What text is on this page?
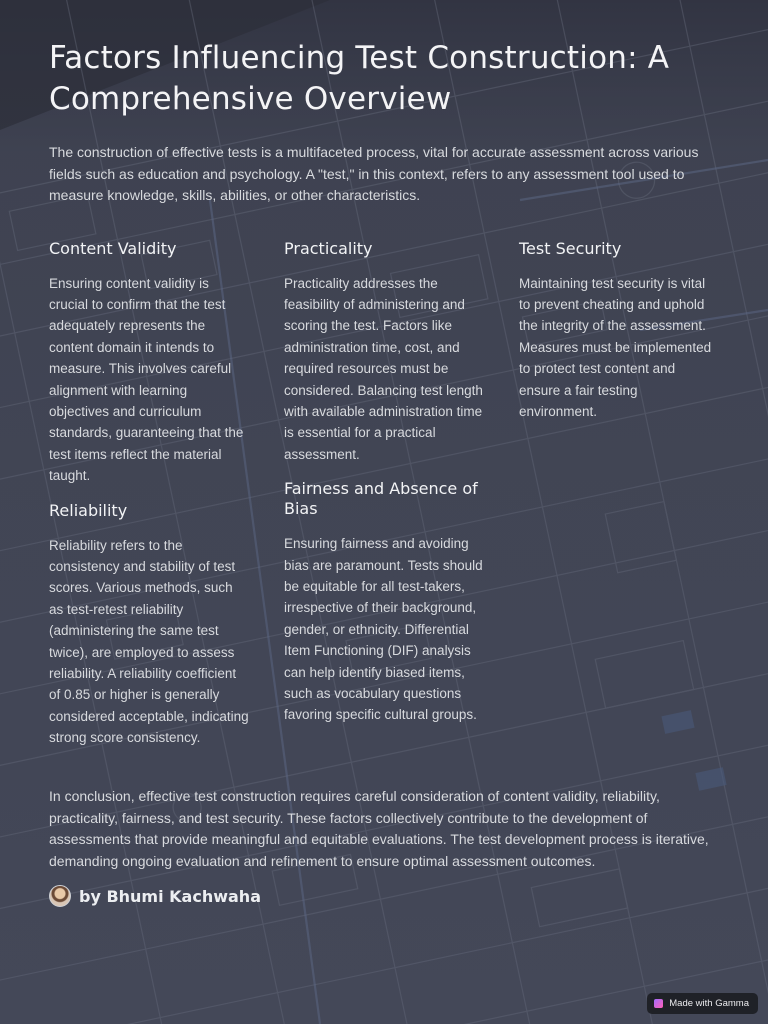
Factors Influencing Test Construction: A Comprehensive Overview

The construction of effective tests is a multifaceted process, vital for accurate assessment across various fields such as education and psychology. A "test," in this context, refers to any assessment tool used to measure knowledge, skills, abilities, or other characteristics.

Content Validity

Ensuring content validity is crucial to confirm that the test adequately represents the content domain it intends to measure. This involves careful alignment with learning objectives and curriculum standards, guaranteeing that the test items reflect the material taught.

Reliability

Reliability refers to the consistency and stability of test scores. Various methods, such as test-retest reliability (administering the same test twice), are employed to assess reliability. A reliability coefficient of 0.85 or higher is generally considered acceptable, indicating strong score consistency.

Practicality

Practicality addresses the feasibility of administering and scoring the test. Factors like administration time, cost, and required resources must be considered. Balancing test length with available administration time is essential for a practical assessment.

Fairness and Absence of Bias

Ensuring fairness and avoiding bias are paramount. Tests should be equitable for all test-takers, irrespective of their background, gender, or ethnicity. Differential Item Functioning (DIF) analysis can help identify biased items, such as vocabulary questions favoring specific cultural groups.

Test Security

Maintaining test security is vital to prevent cheating and uphold the integrity of the assessment. Measures must be implemented to protect test content and ensure a fair testing environment.

In conclusion, effective test construction requires careful consideration of content validity, reliability, practicality, fairness, and test security. These factors collectively contribute to the development of assessments that provide meaningful and equitable evaluations. The test development process is iterative, demanding ongoing evaluation and refinement to ensure optimal assessment outcomes.

by Bhumi Kachwaha
Made with Gamma
